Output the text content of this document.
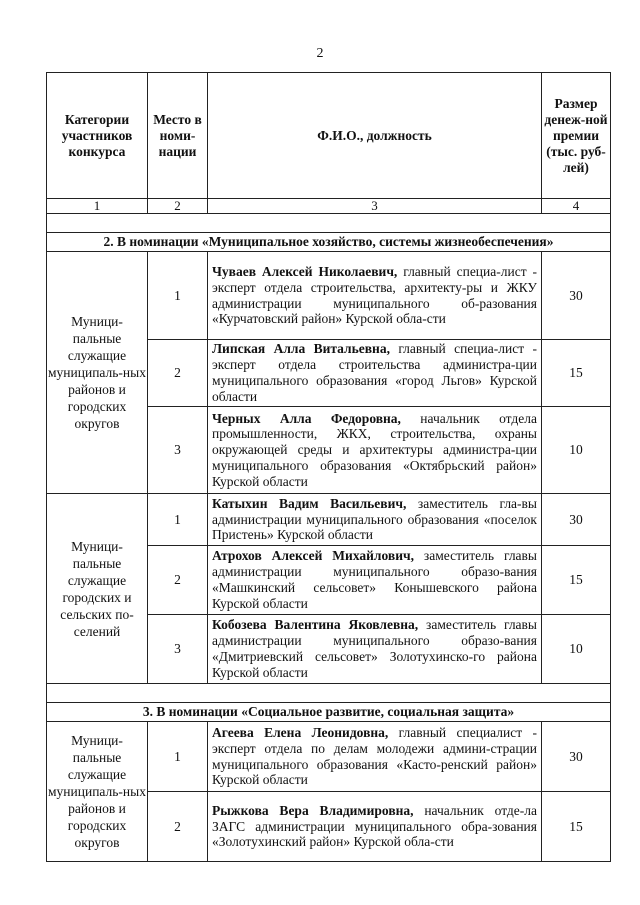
2
Категории участников конкурса	Место в номи-нации	Ф.И.О., должность	Размер денеж-ной премии (тыс. руб-лей)
1	2	3	4

2. В номинации «Муниципальное хозяйство, системы жизнеобеспечения»			
Муници-пальные служащие муниципаль-ных районов и городских округов	1	Чуваев Алексей Николаевич, главный специа-лист - эксперт отдела строительства, архитекту-ры и ЖКУ администрации муниципального об-разования «Курчатовский район» Курской обла-сти	30
	2	Липская Алла Витальевна, главный специа-лист - эксперт отдела строительства администра-ции муниципального образования «город Льгов» Курской области	15
	3	Черных Алла Федоровна, начальник отдела промышленности, ЖКХ, строительства, охраны окружающей среды и архитектуры администра-ции муниципального образования «Октябрьский район» Курской области	10
Муници-пальные служащие городских и сельских по-селений	1	Катыхин Вадим Васильевич, заместитель гла-вы администрации муниципального образования «поселок Пристень» Курской области	30
	2	Атрохов Алексей Михайлович, заместитель главы администрации муниципального образо-вания «Машкинский сельсовет» Конышевского района Курской области	15
	3	Кобозева Валентина Яковлевна, заместитель главы администрации муниципального образо-вания «Дмитриевский сельсовет» Золотухинско-го района Курской области	10

3. В номинации «Социальное развитие, социальная защита»			
Муници-пальные служащие муниципаль-ных районов и городских округов	1	Агеева Елена Леонидовна, главный специалист - эксперт отдела по делам молодежи админи-страции муниципального образования «Касто-ренский район» Курской области	30
	2	Рыжкова Вера Владимировна, начальник отде-ла ЗАГС администрации муниципального обра-зования «Золотухинский район» Курской обла-сти	15
